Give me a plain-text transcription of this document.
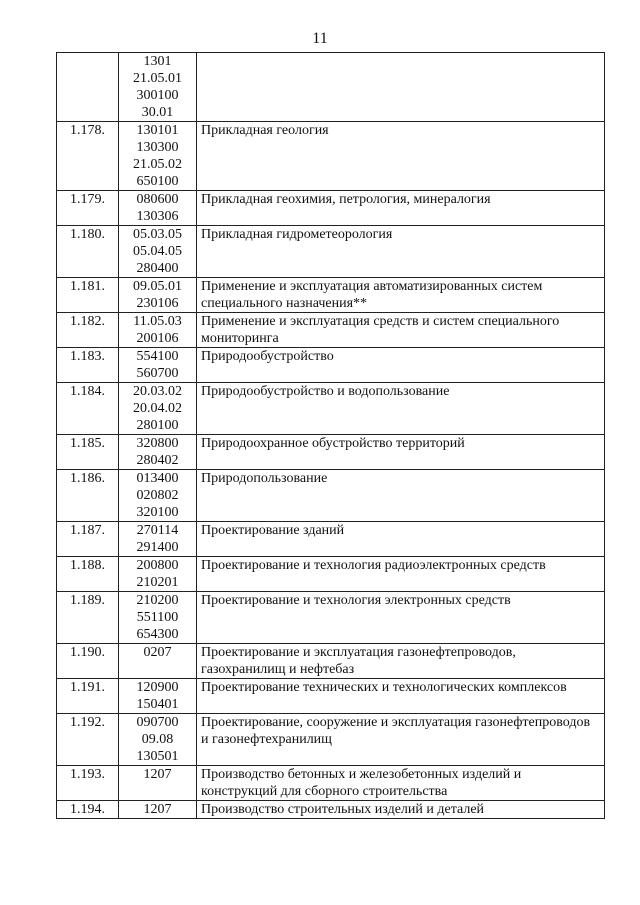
11

	1301
21.05.01
300100
30.01	

1.178.	130101
130300
21.05.02
650100	Прикладная геология
1.179.	080600
130306	Прикладная геохимия, петрология, минералогия
1.180.	05.03.05
05.04.05
280400	Прикладная гидрометеорология
1.181.	09.05.01
230106	Применение и эксплуатация автоматизированных систем специального назначения**
1.182.	11.05.03
200106	Применение и эксплуатация средств и систем специального мониторинга
1.183.	554100
560700	Природообустройство
1.184.	20.03.02
20.04.02
280100	Природообустройство и водопользование
1.185.	320800
280402	Природоохранное обустройство территорий
1.186.	013400
020802
320100	Природопользование
1.187.	270114
291400	Проектирование зданий
1.188.	200800
210201	Проектирование и технология радиоэлектронных средств
1.189.	210200
551100
654300	Проектирование и технология электронных средств
1.190.	0207	Проектирование и эксплуатация газонефтепроводов, газохранилищ и нефтебаз
1.191.	120900
150401	Проектирование технических и технологических комплексов
1.192.	090700
09.08
130501	Проектирование, сооружение и эксплуатация газонефтепроводов и газонефтехранилищ
1.193.	1207	Производство бетонных и железобетонных изделий и конструкций для сборного строительства
1.194.	1207	Производство строительных изделий и деталей
